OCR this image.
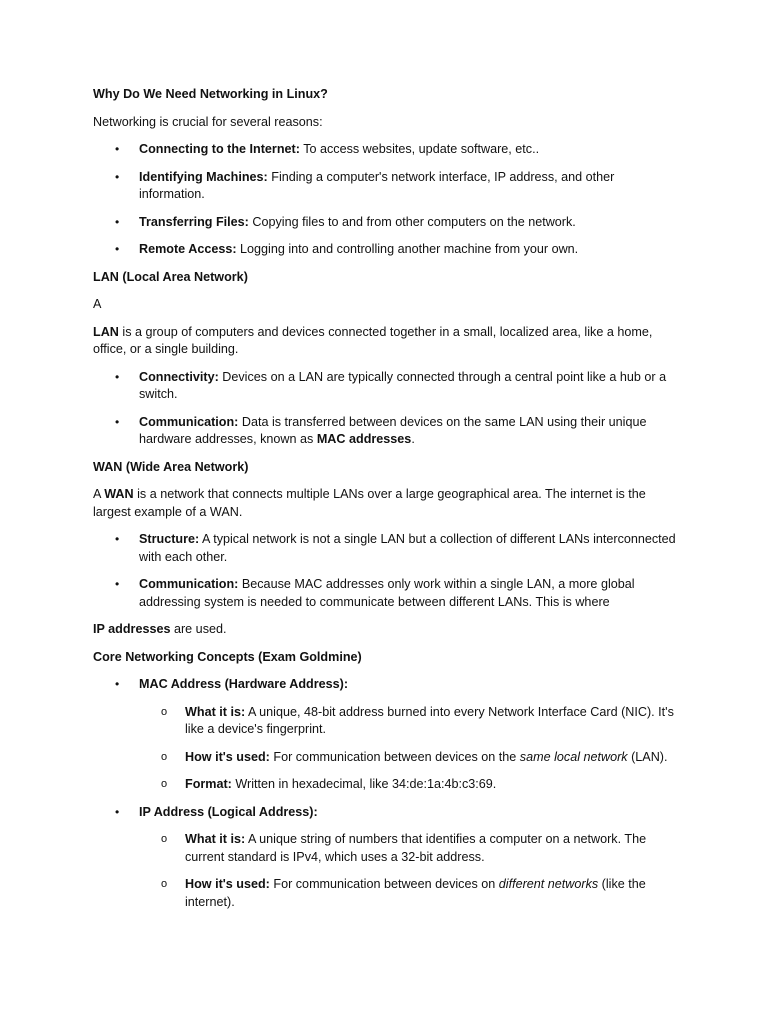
Why Do We Need Networking in Linux?

Networking is crucial for several reasons:

•	Connecting to the Internet: To access websites, update software, etc..
•	Identifying Machines: Finding a computer's network interface, IP address, and other information.
•	Transferring Files: Copying files to and from other computers on the network.
•	Remote Access: Logging into and controlling another machine from your own.

LAN (Local Area Network)

A

LAN is a group of computers and devices connected together in a small, localized area, like a home, office, or a single building.

•	Connectivity: Devices on a LAN are typically connected through a central point like a hub or a switch.
•	Communication: Data is transferred between devices on the same LAN using their unique hardware addresses, known as MAC addresses.

WAN (Wide Area Network)

A WAN is a network that connects multiple LANs over a large geographical area. The internet is the largest example of a WAN.

•	Structure: A typical network is not a single LAN but a collection of different LANs interconnected with each other.
•	Communication: Because MAC addresses only work within a single LAN, a more global addressing system is needed to communicate between different LANs. This is where

IP addresses are used.

Core Networking Concepts (Exam Goldmine)

•	MAC Address (Hardware Address):
o What it is: A unique, 48-bit address burned into every Network Interface Card (NIC). It's like a device's fingerprint.
o How it's used: For communication between devices on the same local network (LAN).
o Format: Written in hexadecimal, like 34:de:1a:4b:c3:69.
•	IP Address (Logical Address):
o What it is: A unique string of numbers that identifies a computer on a network. The current standard is IPv4, which uses a 32-bit address.
o How it's used: For communication between devices on different networks (like the internet).
